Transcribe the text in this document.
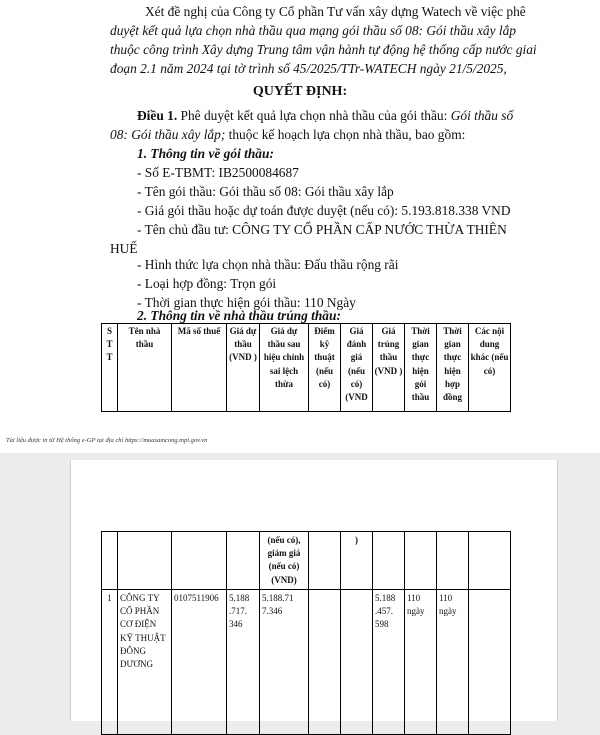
Xét đề nghị của Công ty Cổ phần Tư vấn xây dựng Watech về việc phê
duyệt kết quả lựa chọn nhà thầu qua mạng gói thầu số 08: Gói thầu xây lắp
thuộc công trình Xây dựng Trung tâm vận hành tự động hệ thống cấp nước giai
đoạn 2.1 năm 2024 tại tờ trình số 45/2025/TTr-WATECH ngày 21/5/2025,
QUYẾT ĐỊNH:
Điều 1. Phê duyệt kết quả lựa chọn nhà thầu của gói thầu: Gói thầu số
08: Gói thầu xây lắp; thuộc kế hoạch lựa chọn nhà thầu, bao gồm:
1. Thông tin về gói thầu:
- Số E-TBMT: IB2500084687
- Tên gói thầu: Gói thầu số 08: Gói thầu xây lắp
- Giá gói thầu hoặc dự toán được duyệt (nếu có): 5.193.818.338 VND
- Tên chủ đầu tư: CÔNG TY CỔ PHẦN CẤP NƯỚC THỪA THIÊN
HUẾ
- Hình thức lựa chọn nhà thầu: Đấu thầu rộng rãi
- Loại hợp đồng: Trọn gói
- Thời gian thực hiện gói thầu: 110 Ngày
2. Thông tin về nhà thầu trúng thầu:
Tài liệu được in từ Hệ thống e-GP tại địa chỉ https://muasamcong.mpi.gov.vn
S T T	Tên nhà thầu	Mã số thuế	Giá dự thầu (VND )	Giá dự thầu sau hiệu chỉnh sai lệch thừa	Điểm kỹ thuật (nếu có)	Giá đánh giá (nếu có) (VND	Giá trúng thầu (VND )	Thời gian thực hiện gói thầu	Thời gian thực hiện hợp đồng	Các nội dung khác (nếu có)
				(nếu có), giảm giá (nếu có) (VND)		)				
1	CÔNG TY CỔ PHẦN CƠ ĐIỆN KỸ THUẬT ĐÔNG DƯƠNG	0107511906	5.188 .717. 346	5.188.71 7.346			5.188 .457. 598	110 ngày	110 ngày	
